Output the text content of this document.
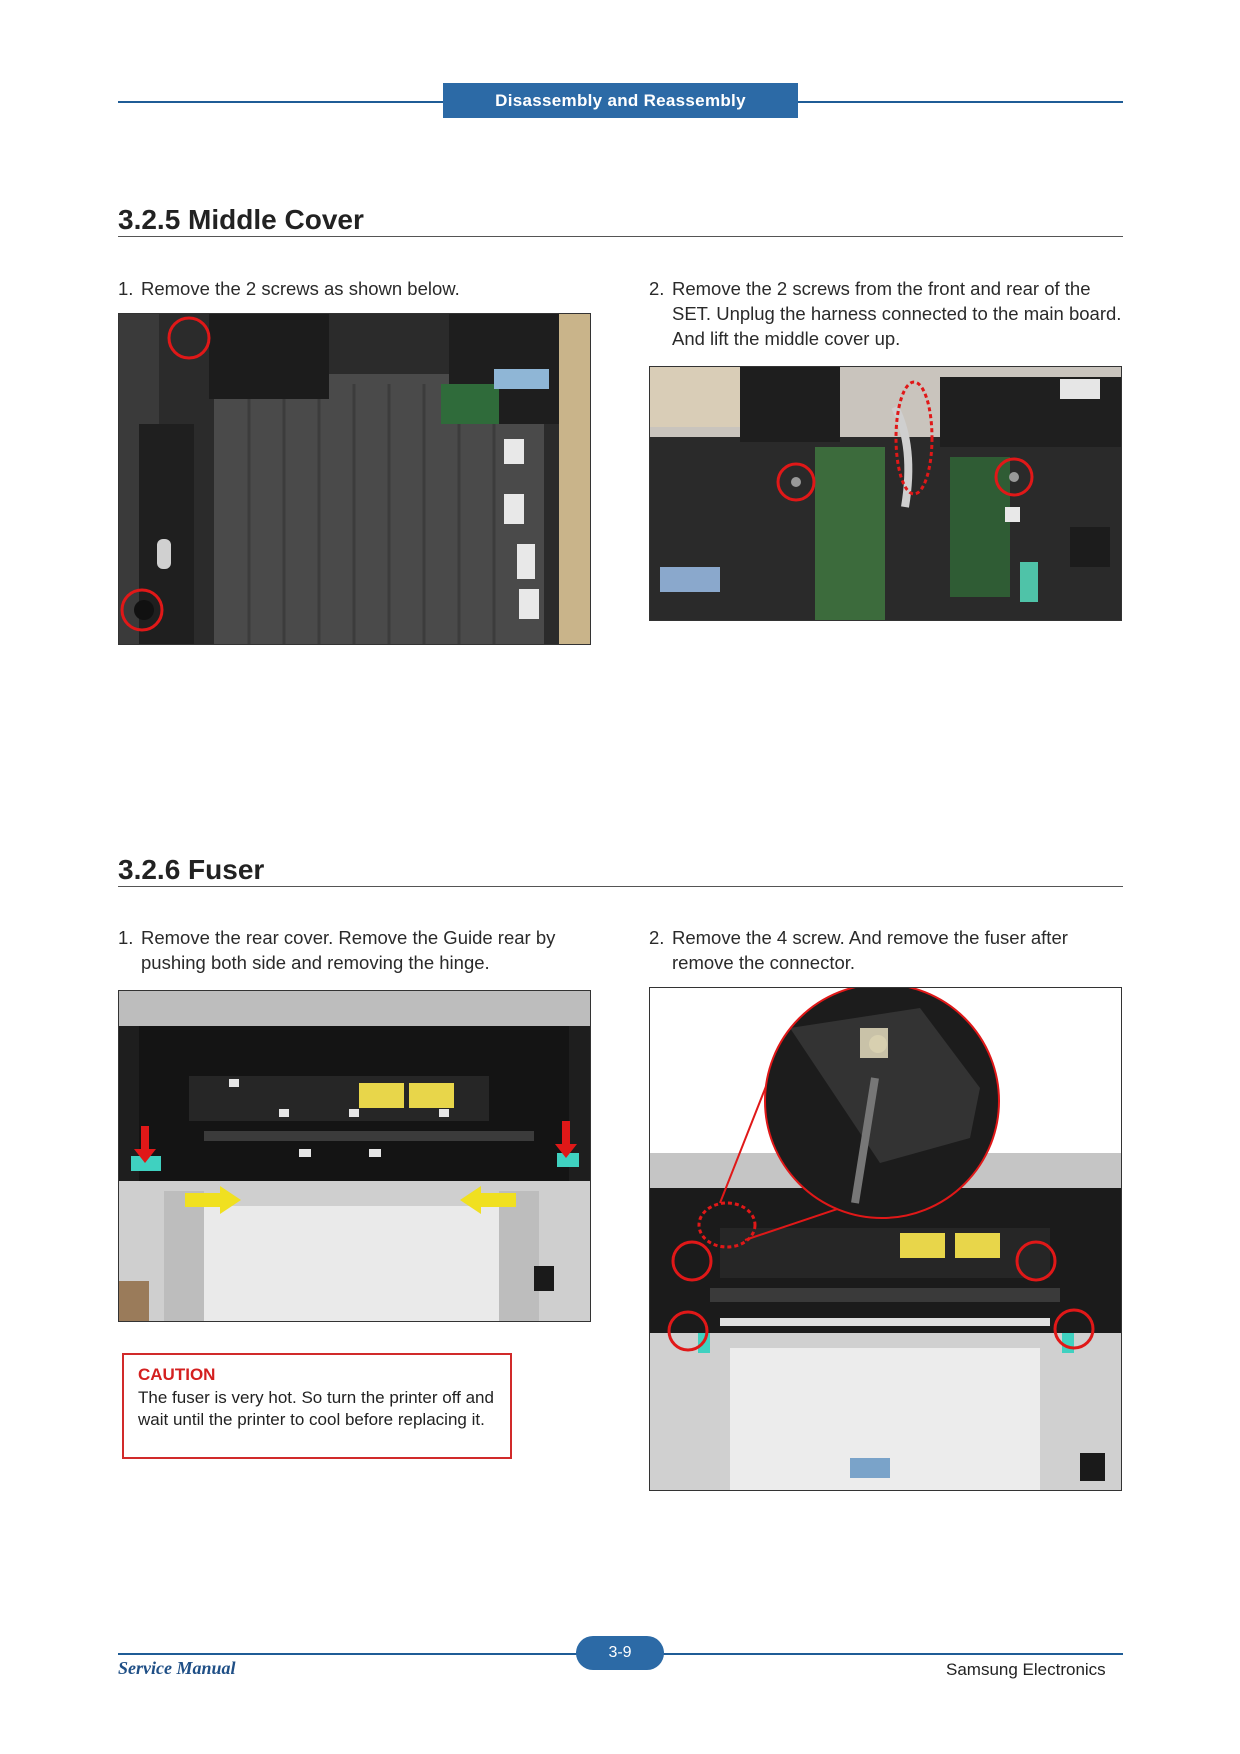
Disassembly and Reassembly
3.2.5 Middle Cover
1. Remove the 2 screws as shown below.	2. Remove the 2 screws from the front and rear of the SET. Unplug the harness connected to the main board. And lift the middle cover up.
3.2.6 Fuser
1. Remove the rear cover. Remove the Guide rear by pushing both side and removing the hinge.
2. Remove the 4 screw. And remove the fuser after remove the connector.
CAUTION
The fuser is very hot. So turn the printer off and wait until the printer to cool before replacing it.
3-9
Service Manual	Samsung Electronics
